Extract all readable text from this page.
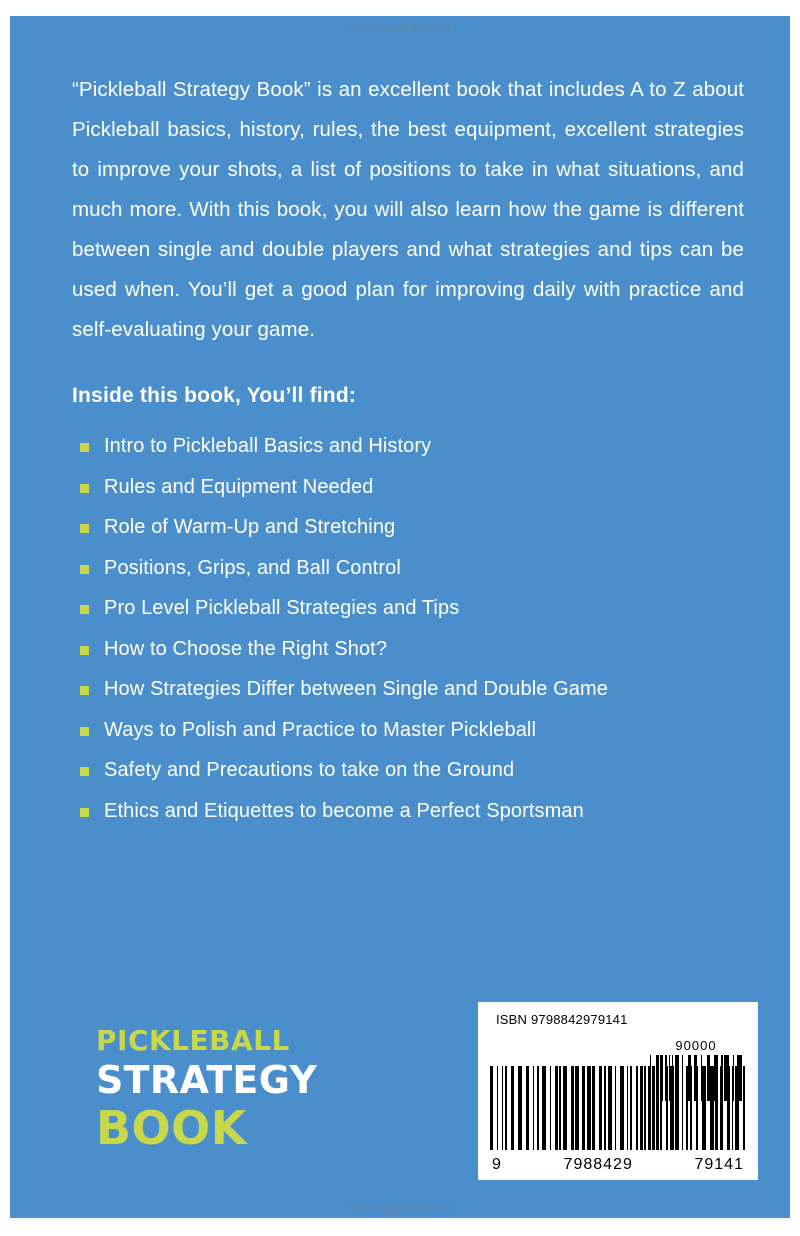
Copyrighted Material
Copyrighted Material

“Pickleball Strategy Book” is an excellent book that includes A to Z about Pickleball basics, history, rules, the best equipment, excellent strategies to improve your shots, a list of positions to take in what situations, and much more. With this book, you will also learn how the game is different between single and double players and what strategies and tips can be used when. You’ll get a good plan for improving daily with practice and self-evaluating your game.

Inside this book, You’ll find:
Intro to Pickleball Basics and History
Rules and Equipment Needed
Role of Warm-Up and Stretching
Positions, Grips, and Ball Control
Pro Level Pickleball Strategies and Tips
How to Choose the Right Shot?
How Strategies Differ between Single and Double Game
Ways to Polish and Practice to Master Pickleball
Safety and Precautions to take on the Ground
Ethics and Etiquettes to become a Perfect Sportsman
PICKLEBALL
STRATEGY
BOOK
ISBN 9798842979141
90000
9	7988429	79141
